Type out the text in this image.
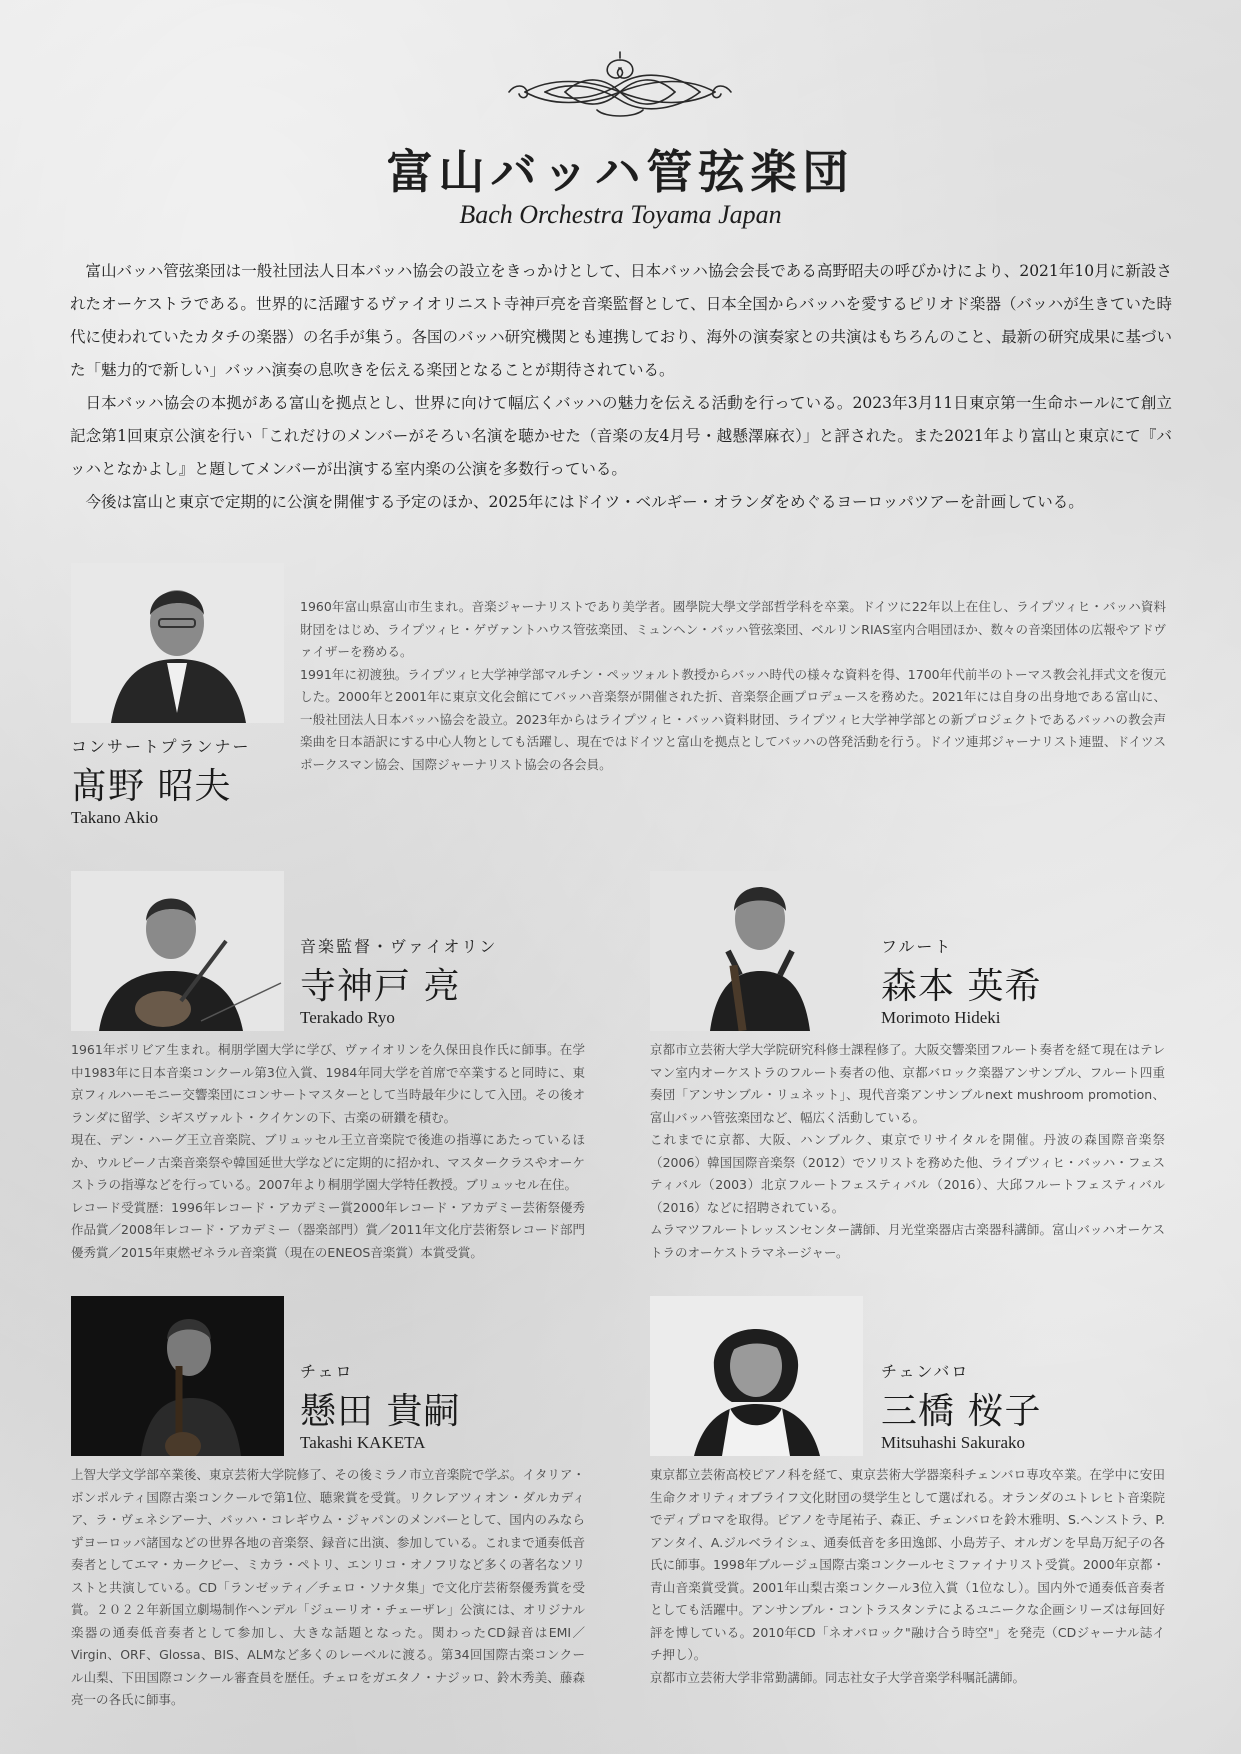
富山バッハ管弦楽団
Bach Orchestra Toyama Japan

富山バッハ管弦楽団は一般社団法人日本バッハ協会の設立をきっかけとして、日本バッハ協会会長である高野昭夫の呼びかけにより、2021年10月に新設されたオーケストラである。世界的に活躍するヴァイオリニスト寺神戸亮を音楽監督として、日本全国からバッハを愛するピリオド楽器（バッハが生きていた時代に使われていたカタチの楽器）の名手が集う。各国のバッハ研究機関とも連携しており、海外の演奏家との共演はもちろんのこと、最新の研究成果に基づいた「魅力的で新しい」バッハ演奏の息吹きを伝える楽団となることが期待されている。

日本バッハ協会の本拠がある富山を拠点とし、世界に向けて幅広くバッハの魅力を伝える活動を行っている。2023年3月11日東京第一生命ホールにて創立記念第1回東京公演を行い「これだけのメンバーがそろい名演を聴かせた（音楽の友4月号・越懸澤麻衣）」と評された。また2021年より富山と東京にて『バッハとなかよし』と題してメンバーが出演する室内楽の公演を多数行っている。

今後は富山と東京で定期的に公演を開催する予定のほか、2025年にはドイツ・ベルギー・オランダをめぐるヨーロッパツアーを計画している。

コンサートプランナー
髙野 昭夫
Takano Akio

1960年富山県富山市生まれ。音楽ジャーナリストであり美学者。國學院大學文学部哲学科を卒業。ドイツに22年以上在住し、ライプツィヒ・バッハ資料財団をはじめ、ライプツィヒ・ゲヴァントハウス管弦楽団、ミュンヘン・バッハ管弦楽団、ベルリンRIAS室内合唱団ほか、数々の音楽団体の広報やアドヴァイザーを務める。

1991年に初渡独。ライプツィヒ大学神学部マルチン・ペッツォルト教授からバッハ時代の様々な資料を得、1700年代前半のトーマス教会礼拝式文を復元した。2000年と2001年に東京文化会館にてバッハ音楽祭が開催された折、音楽祭企画プロデュースを務めた。2021年には自身の出身地である富山に、一般社団法人日本バッハ協会を設立。2023年からはライプツィヒ・バッハ資料財団、ライプツィヒ大学神学部との新プロジェクトであるバッハの教会声楽曲を日本語訳にする中心人物としても活躍し、現在ではドイツと富山を拠点としてバッハの啓発活動を行う。ドイツ連邦ジャーナリスト連盟、ドイツスポークスマン協会、国際ジャーナリスト協会の各会員。

音楽監督・ヴァイオリン
寺神戸 亮
Terakado Ryo

1961年ボリビア生まれ。桐朋学園大学に学び、ヴァイオリンを久保田良作氏に師事。在学中1983年に日本音楽コンクール第3位入賞、1984年同大学を首席で卒業すると同時に、東京フィルハーモニー交響楽団にコンサートマスターとして当時最年少にして入団。その後オランダに留学、シギスヴァルト・クイケンの下、古楽の研鑽を積む。

現在、デン・ハーグ王立音楽院、ブリュッセル王立音楽院で後進の指導にあたっているほか、ウルビーノ古楽音楽祭や韓国延世大学などに定期的に招かれ、マスタークラスやオーケストラの指導などを行っている。2007年より桐朋学園大学特任教授。ブリュッセル在住。

レコード受賞歴：1996年レコード・アカデミー賞2000年レコード・アカデミー芸術祭優秀作品賞／2008年レコード・アカデミー（器楽部門）賞／2011年文化庁芸術祭レコード部門優秀賞／2015年東燃ゼネラル音楽賞（現在のENEOS音楽賞）本賞受賞。

フルート
森本 英希
Morimoto Hideki

京都市立芸術大学大学院研究科修士課程修了。大阪交響楽団フルート奏者を経て現在はテレマン室内オーケストラのフルート奏者の他、京都バロック楽器アンサンブル、フルート四重奏団「アンサンブル・リュネット」、現代音楽アンサンブルnext mushroom promotion、富山バッハ管弦楽団など、幅広く活動している。

これまでに京都、大阪、ハンブルク、東京でリサイタルを開催。丹波の森国際音楽祭（2006）韓国国際音楽祭（2012）でソリストを務めた他、ライプツィヒ・バッハ・フェスティバル（2003）北京フルートフェスティバル（2016）、大邱フルートフェスティバル（2016）などに招聘されている。

ムラマツフルートレッスンセンター講師、月光堂楽器店古楽器科講師。富山バッハオーケストラのオーケストラマネージャー。

チェロ
懸田 貴嗣
Takashi KAKETA

上智大学文学部卒業後、東京芸術大学院修了、その後ミラノ市立音楽院で学ぶ。イタリア・ボンポルティ国際古楽コンクールで第1位、聴衆賞を受賞。リクレアツィオン・ダルカディア、ラ・ヴェネシアーナ、バッハ・コレギウム・ジャパンのメンバーとして、国内のみならずヨーロッパ諸国などの世界各地の音楽祭、録音に出演、参加している。これまで通奏低音奏者としてエマ・カークビー、ミカラ・ペトリ、エンリコ・オノフリなど多くの著名なソリストと共演している。CD「ランゼッティ／チェロ・ソナタ集」で文化庁芸術祭優秀賞を受賞。２０２２年新国立劇場制作ヘンデル「ジューリオ・チェーザレ」公演には、オリジナル楽器の通奏低音奏者として参加し、大きな話題となった。関わったCD録音はEMI／Virgin、ORF、Glossa、BIS、ALMなど多くのレーベルに渡る。第34回国際古楽コンクール山梨、下田国際コンクール審査員を歴任。チェロをガエタノ・ナジッロ、鈴木秀美、藤森亮一の各氏に師事。

チェンバロ
三橋 桜子
Mitsuhashi Sakurako

東京都立芸術高校ピアノ科を経て、東京芸術大学器楽科チェンバロ専攻卒業。在学中に安田生命クオリティオブライフ文化財団の奨学生として選ばれる。オランダのユトレヒト音楽院でディプロマを取得。ピアノを寺尾祐子、森正、チェンバロを鈴木雅明、S.ヘンストラ、P.アンタイ、A.ジルベライシュ、通奏低音を多田逸郎、小島芳子、オルガンを早島万紀子の各氏に師事。1998年ブルージュ国際古楽コンクールセミファイナリスト受賞。2000年京都・青山音楽賞受賞。2001年山梨古楽コンクール3位入賞（1位なし）。国内外で通奏低音奏者としても活躍中。アンサンブル・コントラスタンテによるユニークな企画シリーズは毎回好評を博している。2010年CD「ネオバロック"融け合う時空"」を発売（CDジャーナル誌イチ押し）。

京都市立芸術大学非常勤講師。同志社女子大学音楽学科嘱託講師。
